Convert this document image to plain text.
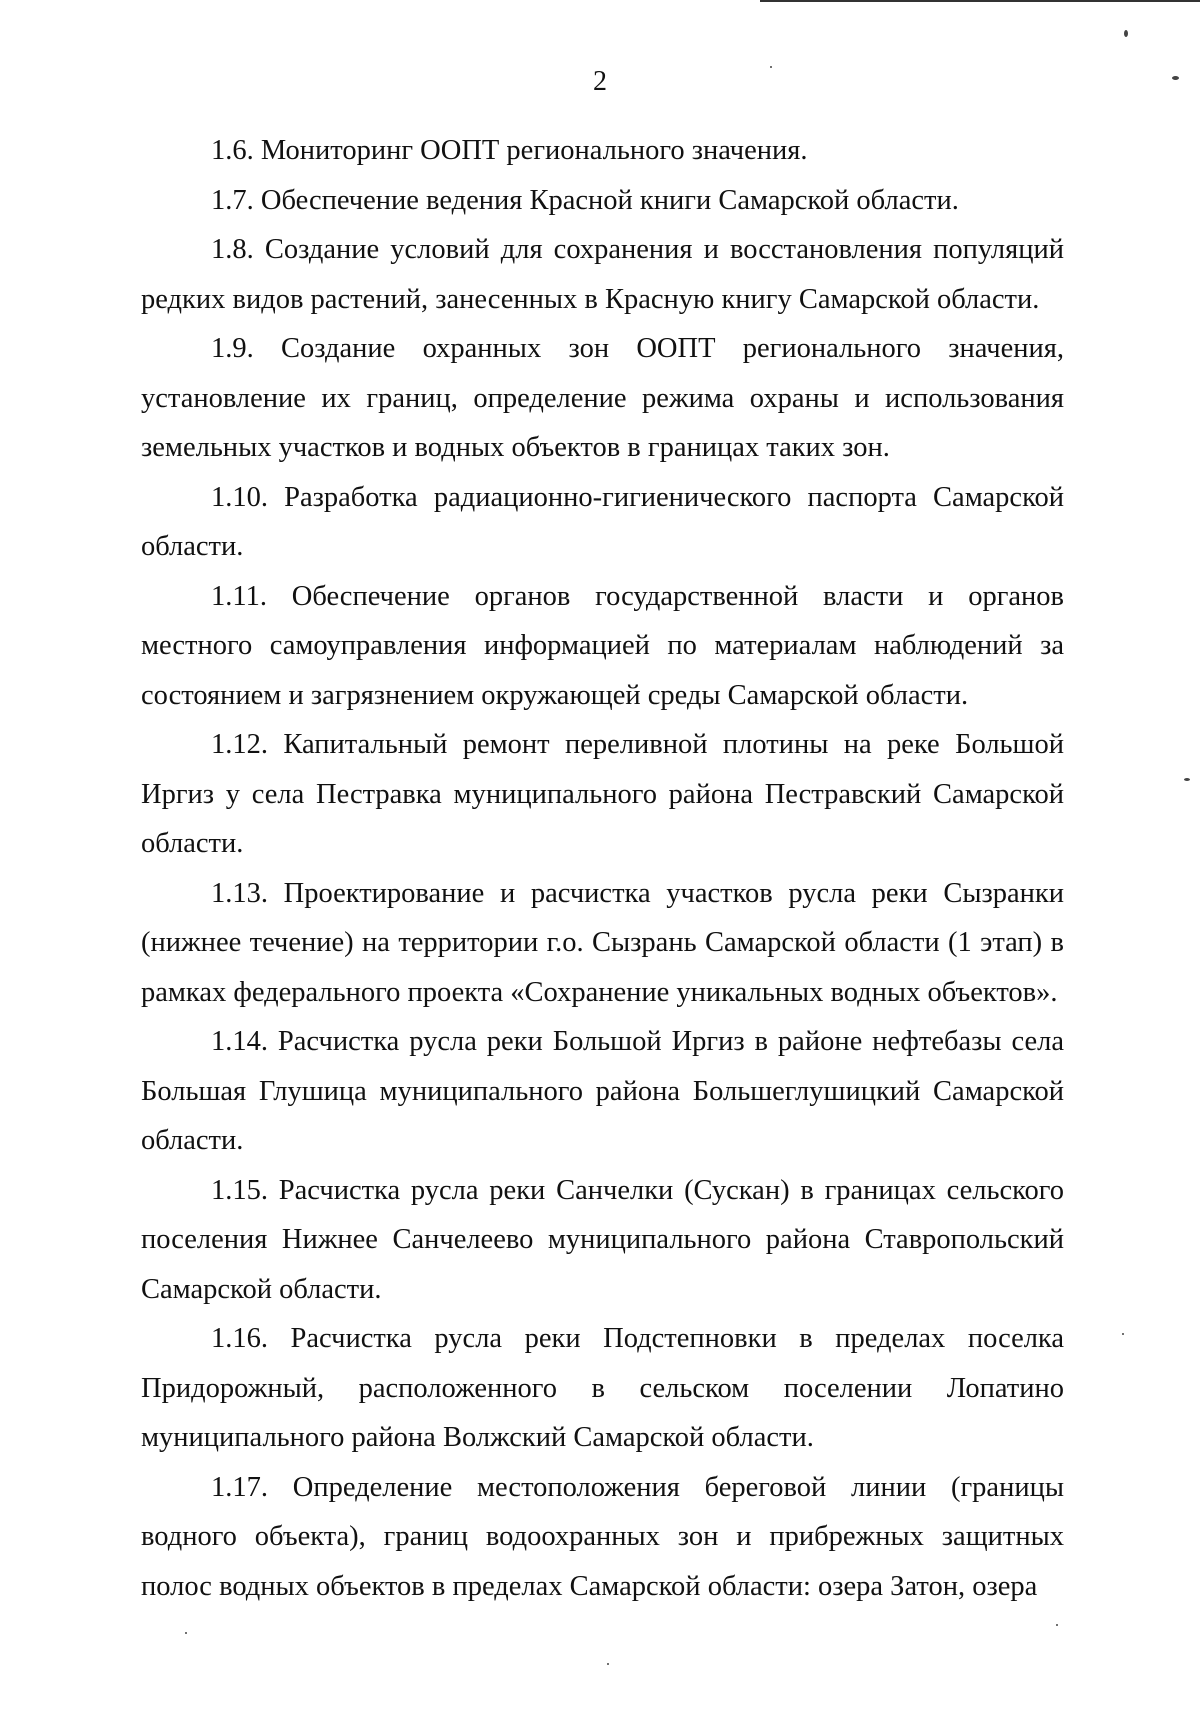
2

1.6. Мониторинг ООПТ регионального значения.

1.7. Обеспечение ведения Красной книги Самарской области.

1.8. Создание условий для сохранения и восстановления популяций редких видов растений, занесенных в Красную книгу Самарской области.

1.9. Создание охранных зон ООПТ регионального значения, установление их границ, определение режима охраны и использования земельных участков и водных объектов в границах таких зон.

1.10. Разработка радиационно-гигиенического паспорта Самарской области.

1.11. Обеспечение органов государственной власти и органов местного самоуправления информацией по материалам наблюдений за состоянием и загрязнением окружающей среды Самарской области.

1.12. Капитальный ремонт переливной плотины на реке Большой Иргиз у села Пестравка муниципального района Пестравский Самарской области.

1.13. Проектирование и расчистка участков русла реки Сызранки (нижнее течение) на территории г.о. Сызрань Самарской области (1 этап) в рамках федерального проекта «Сохранение уникальных водных объектов».

1.14. Расчистка русла реки Большой Иргиз в районе нефтебазы села Большая Глушица муниципального района Большеглушицкий Самарской области.

1.15. Расчистка русла реки Санчелки (Сускан) в границах сельского поселения Нижнее Санчелеево муниципального района Ставропольский Самарской области.

1.16. Расчистка русла реки Подстепновки в пределах поселка Придорожный, расположенного в сельском поселении Лопатино муниципального района Волжский Самарской области.

1.17. Определение местоположения береговой линии (границы водного объекта), границ водоохранных зон и прибрежных защитных полос водных объектов в пределах Самарской области: озера Затон, озера
